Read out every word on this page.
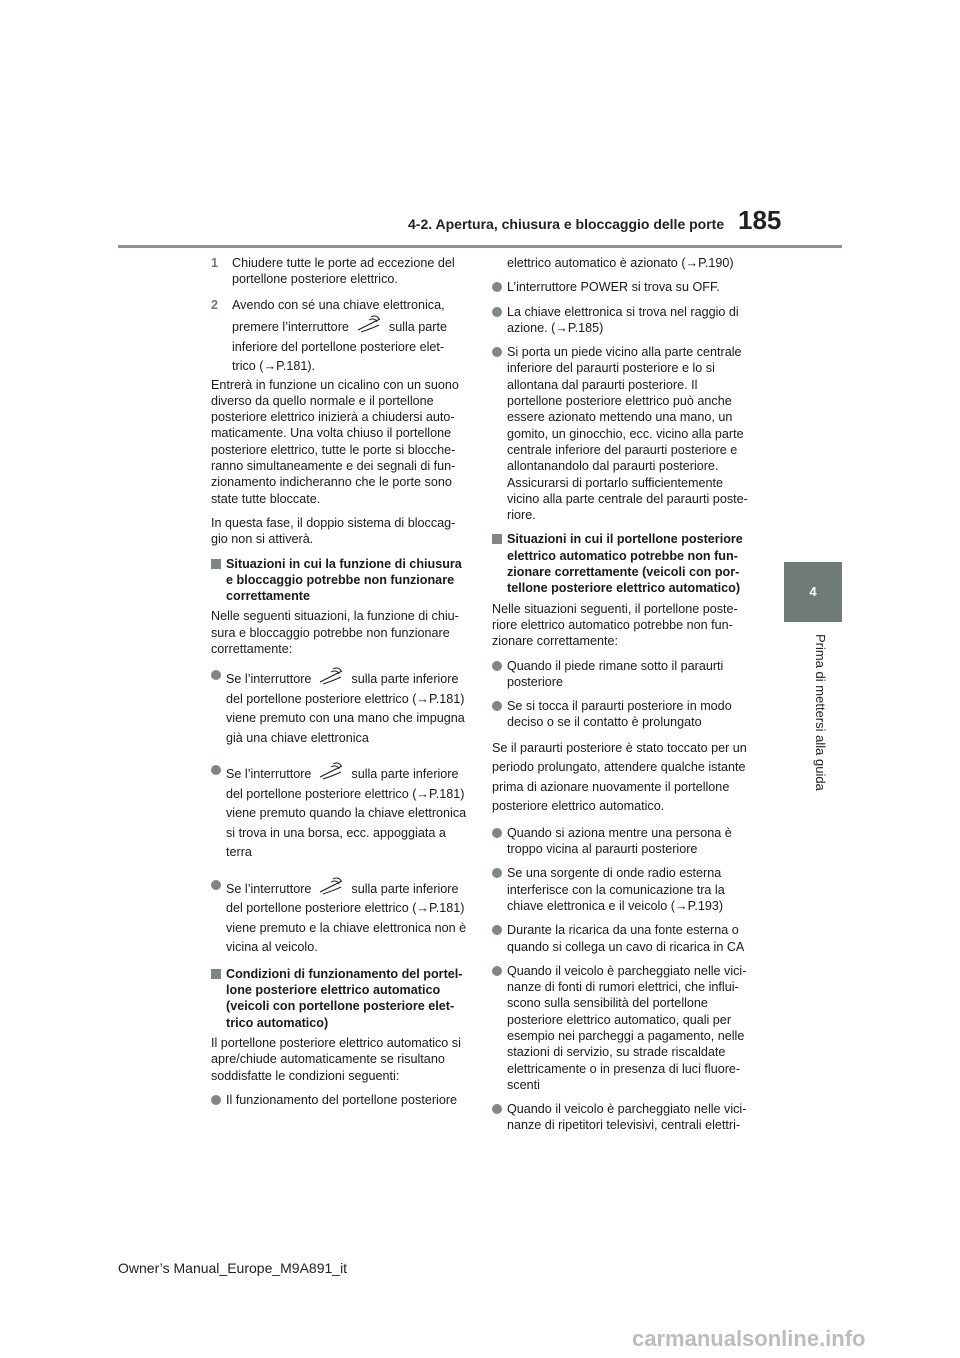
4-2. Apertura, chiusura e bloccaggio delle porte 185
4
Prima di mettersi alla guida
1 Chiudere tutte le porte ad eccezione del portellone posteriore elettrico.
2 Avendo con sé una chiave elettronica,
premere l’interruttore	sulla parte
inferiore del portellone posteriore elet-
trico (→P.181).

Entrerà in funzione un cicalino con un suono diverso da quello normale e il portellone posteriore elettrico inizierà a chiudersi auto- maticamente. Una volta chiuso il portellone posteriore elettrico, tutte le porte si blocche- ranno simultaneamente e dei segnali di fun- zionamento indicheranno che le porte sono state tutte bloccate.

In questa fase, il doppio sistema di bloccag- gio non si attiverà.

Situazioni in cui la funzione di chiusura e bloccaggio potrebbe non funzionare correttamente

Nelle seguenti situazioni, la funzione di chiu- sura e bloccaggio potrebbe non funzionare correttamente:

Se l’interruttore	sulla parte inferiore
del portellone posteriore elettrico (→P.181) viene premuto con una mano che impugna già una chiave elettronica
Se l’interruttore	sulla parte inferiore
del portellone posteriore elettrico (→P.181) viene premuto quando la chiave elettronica si trova in una borsa, ecc. appoggiata a terra
Se l’interruttore	sulla parte inferiore
del portellone posteriore elettrico (→P.181) viene premuto e la chiave elettronica non è vicina al veicolo.
Condizioni di funzionamento del portel- lone posteriore elettrico automatico (veicoli con portellone posteriore elet- trico automatico)

Il portellone posteriore elettrico automatico si apre/chiude automaticamente se risultano soddisfatte le condizioni seguenti:

Il funzionamento del portellone posteriore

elettrico automatico è azionato (→P.190)

L’interruttore POWER si trova su OFF.
La chiave elettronica si trova nel raggio di azione. (→P.185)
Si porta un piede vicino alla parte centrale inferiore del paraurti posteriore e lo si allontana dal paraurti posteriore. Il portellone posteriore elettrico può anche essere azionato mettendo una mano, un gomito, un ginocchio, ecc. vicino alla parte centrale inferiore del paraurti posteriore e allontanandolo dal paraurti posteriore. Assicurarsi di portarlo sufficientemente vicino alla parte centrale del paraurti poste- riore.
Situazioni in cui il portellone posteriore elettrico automatico potrebbe non fun- zionare correttamente (veicoli con por- tellone posteriore elettrico automatico)

Nelle situazioni seguenti, il portellone poste- riore elettrico automatico potrebbe non fun- zionare correttamente:

Quando il piede rimane sotto il paraurti posteriore
Se si tocca il paraurti posteriore in modo deciso o se il contatto è prolungato

Se il paraurti posteriore è stato toccato per un periodo prolungato, attendere qualche istante prima di azionare nuovamente il portellone posteriore elettrico automatico.

Quando si aziona mentre una persona è troppo vicina al paraurti posteriore
Se una sorgente di onde radio esterna interferisce con la comunicazione tra la chiave elettronica e il veicolo (→P.193)
Durante la ricarica da una fonte esterna o quando si collega un cavo di ricarica in CA
Quando il veicolo è parcheggiato nelle vici- nanze di fonti di rumori elettrici, che influi- scono sulla sensibilità del portellone posteriore elettrico automatico, quali per esempio nei parcheggi a pagamento, nelle stazioni di servizio, su strade riscaldate elettricamente o in presenza di luci fluore- scenti
Quando il veicolo è parcheggiato nelle vici- nanze di ripetitori televisivi, centrali elettri-
Owner’s Manual_Europe_M9A891_it
carmanualsonline.info
